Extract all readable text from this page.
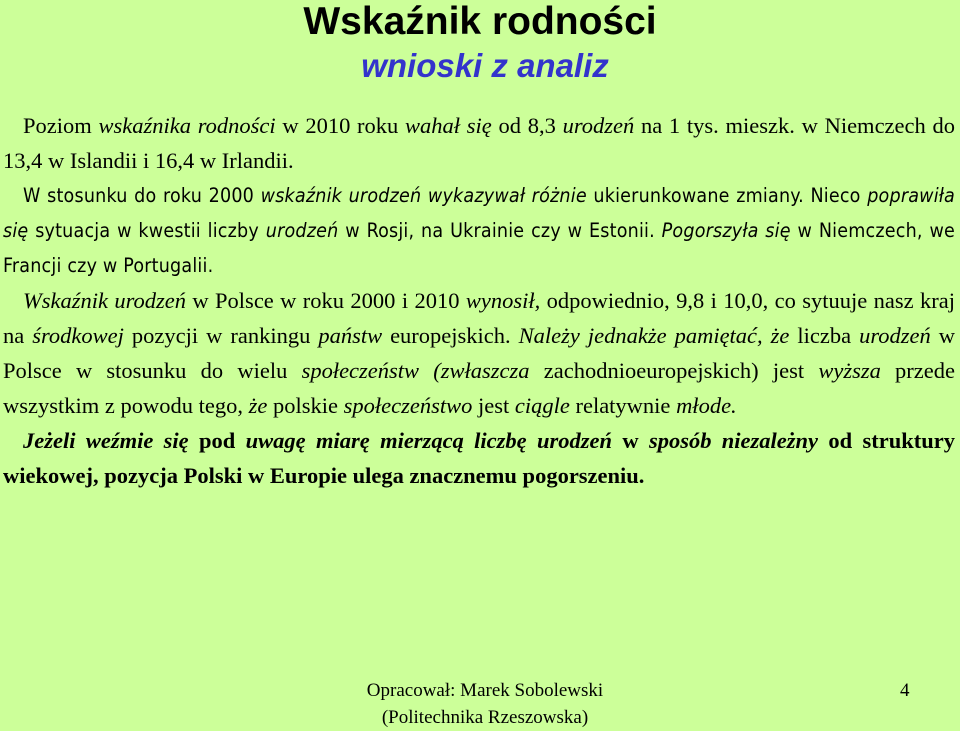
Wskaźnik rodności
wnioski z analiz

Poziom wskaźnika rodności w 2010 roku wahał się od 8,3 urodzeń na 1 tys. mieszk. w Niemczech do 13,4 w Islandii i 16,4 w Irlandii.

W stosunku do roku 2000 wskaźnik urodzeń wykazywał różnie ukierunkowane zmiany. Nieco poprawiła się sytuacja w kwestii liczby urodzeń w Rosji, na Ukrainie czy w Estonii. Pogorszyła się w Niemczech, we Francji czy w Portugalii.

Wskaźnik urodzeń w Polsce w roku 2000 i 2010 wynosił, odpowiednio, 9,8 i 10,0, co sytuuje nasz kraj na środkowej pozycji w rankingu państw europejskich. Należy jednakże pamiętać, że liczba urodzeń w Polsce w stosunku do wielu społeczeństw (zwłaszcza zachodnioeuropejskich) jest wyższa przede wszystkim z powodu tego, że polskie społeczeństwo jest ciągle relatywnie młode.

Jeżeli weźmie się pod uwagę miarę mierzącą liczbę urodzeń w sposób niezależny od struktury wiekowej, pozycja Polski w Europie ulega znacznemu pogorszeniu.

Opracował: Marek Sobolewski
(Politechnika Rzeszowska)
4
